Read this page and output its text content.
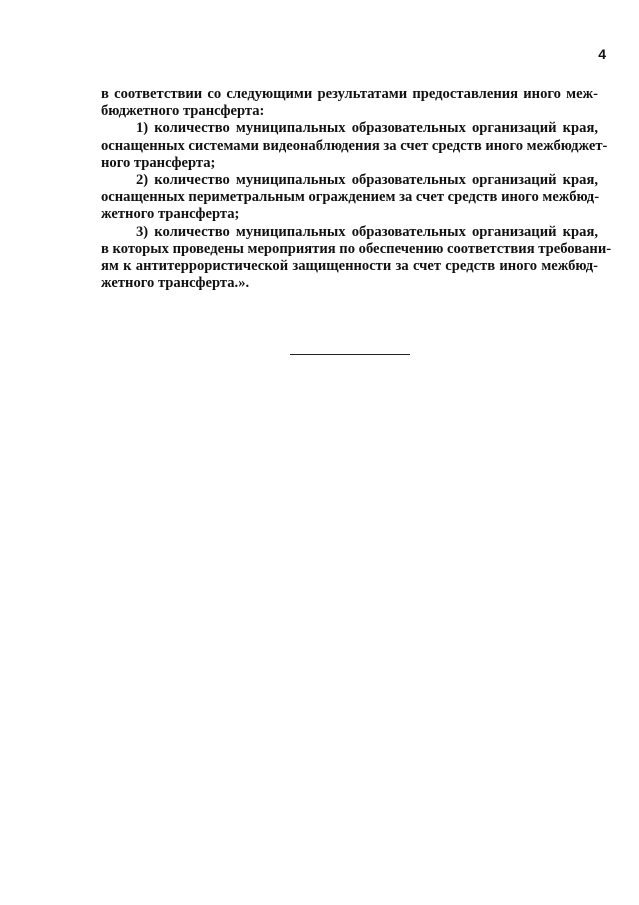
4
в соответствии со следующими результатами предоставления иного меж-
бюджетного трансферта:
1) количество муниципальных образовательных организаций края,
оснащенных системами видеонаблюдения за счет средств иного межбюджет-
ного трансферта;
2) количество муниципальных образовательных организаций края,
оснащенных периметральным ограждением за счет средств иного межбюд-
жетного трансферта;
3) количество муниципальных образовательных организаций края,
в которых проведены мероприятия по обеспечению соответствия требовани-
ям к антитеррористической защищенности за счет средств иного межбюд-
жетного трансферта.».
